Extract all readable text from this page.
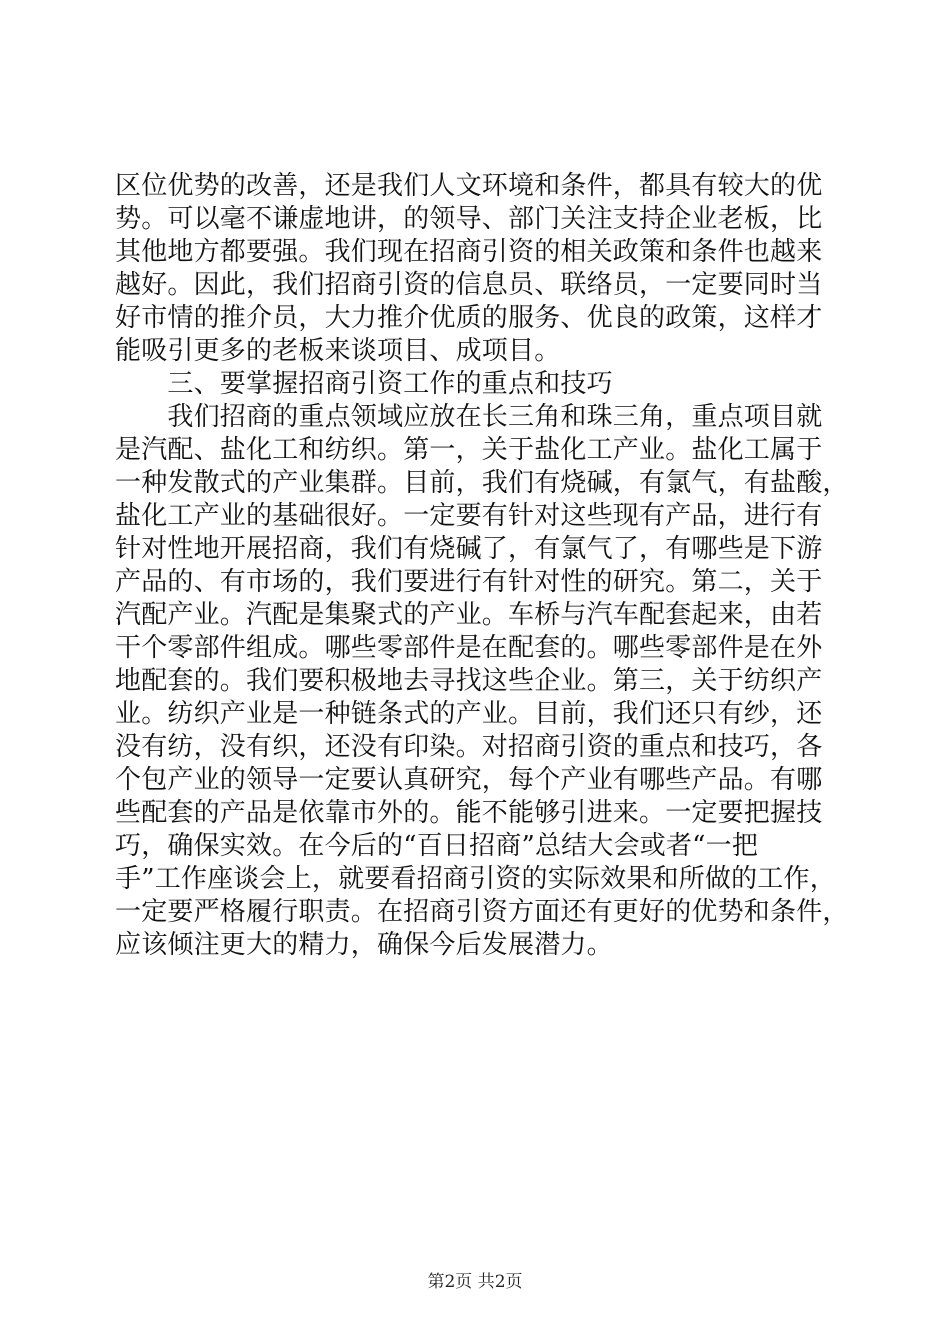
区位优势的改善，还是我们人文环境和条件，都具有较大的优
势。可以毫不谦虚地讲，的领导、部门关注支持企业老板，比
其他地方都要强。我们现在招商引资的相关政策和条件也越来
越好。因此，我们招商引资的信息员、联络员，一定要同时当
好市情的推介员，大力推介优质的服务、优良的政策，这样才
能吸引更多的老板来谈项目、成项目。
　　三、要掌握招商引资工作的重点和技巧
　　我们招商的重点领域应放在长三角和珠三角，重点项目就
是汽配、盐化工和纺织。第一，关于盐化工产业。盐化工属于
一种发散式的产业集群。目前，我们有烧碱，有氯气，有盐酸，
盐化工产业的基础很好。一定要有针对这些现有产品，进行有
针对性地开展招商，我们有烧碱了，有氯气了，有哪些是下游
产品的、有市场的，我们要进行有针对性的研究。第二，关于
汽配产业。汽配是集聚式的产业。车桥与汽车配套起来，由若
干个零部件组成。哪些零部件是在配套的。哪些零部件是在外
地配套的。我们要积极地去寻找这些企业。第三，关于纺织产
业。纺织产业是一种链条式的产业。目前，我们还只有纱，还
没有纺，没有织，还没有印染。对招商引资的重点和技巧，各
个包产业的领导一定要认真研究，每个产业有哪些产品。有哪
些配套的产品是依靠市外的。能不能够引进来。一定要把握技
巧，确保实效。在今后的“百日招商”总结大会或者“一把
手”工作座谈会上，就要看招商引资的实际效果和所做的工作，
一定要严格履行职责。在招商引资方面还有更好的优势和条件，
应该倾注更大的精力，确保今后发展潜力。
第2页 共2页
